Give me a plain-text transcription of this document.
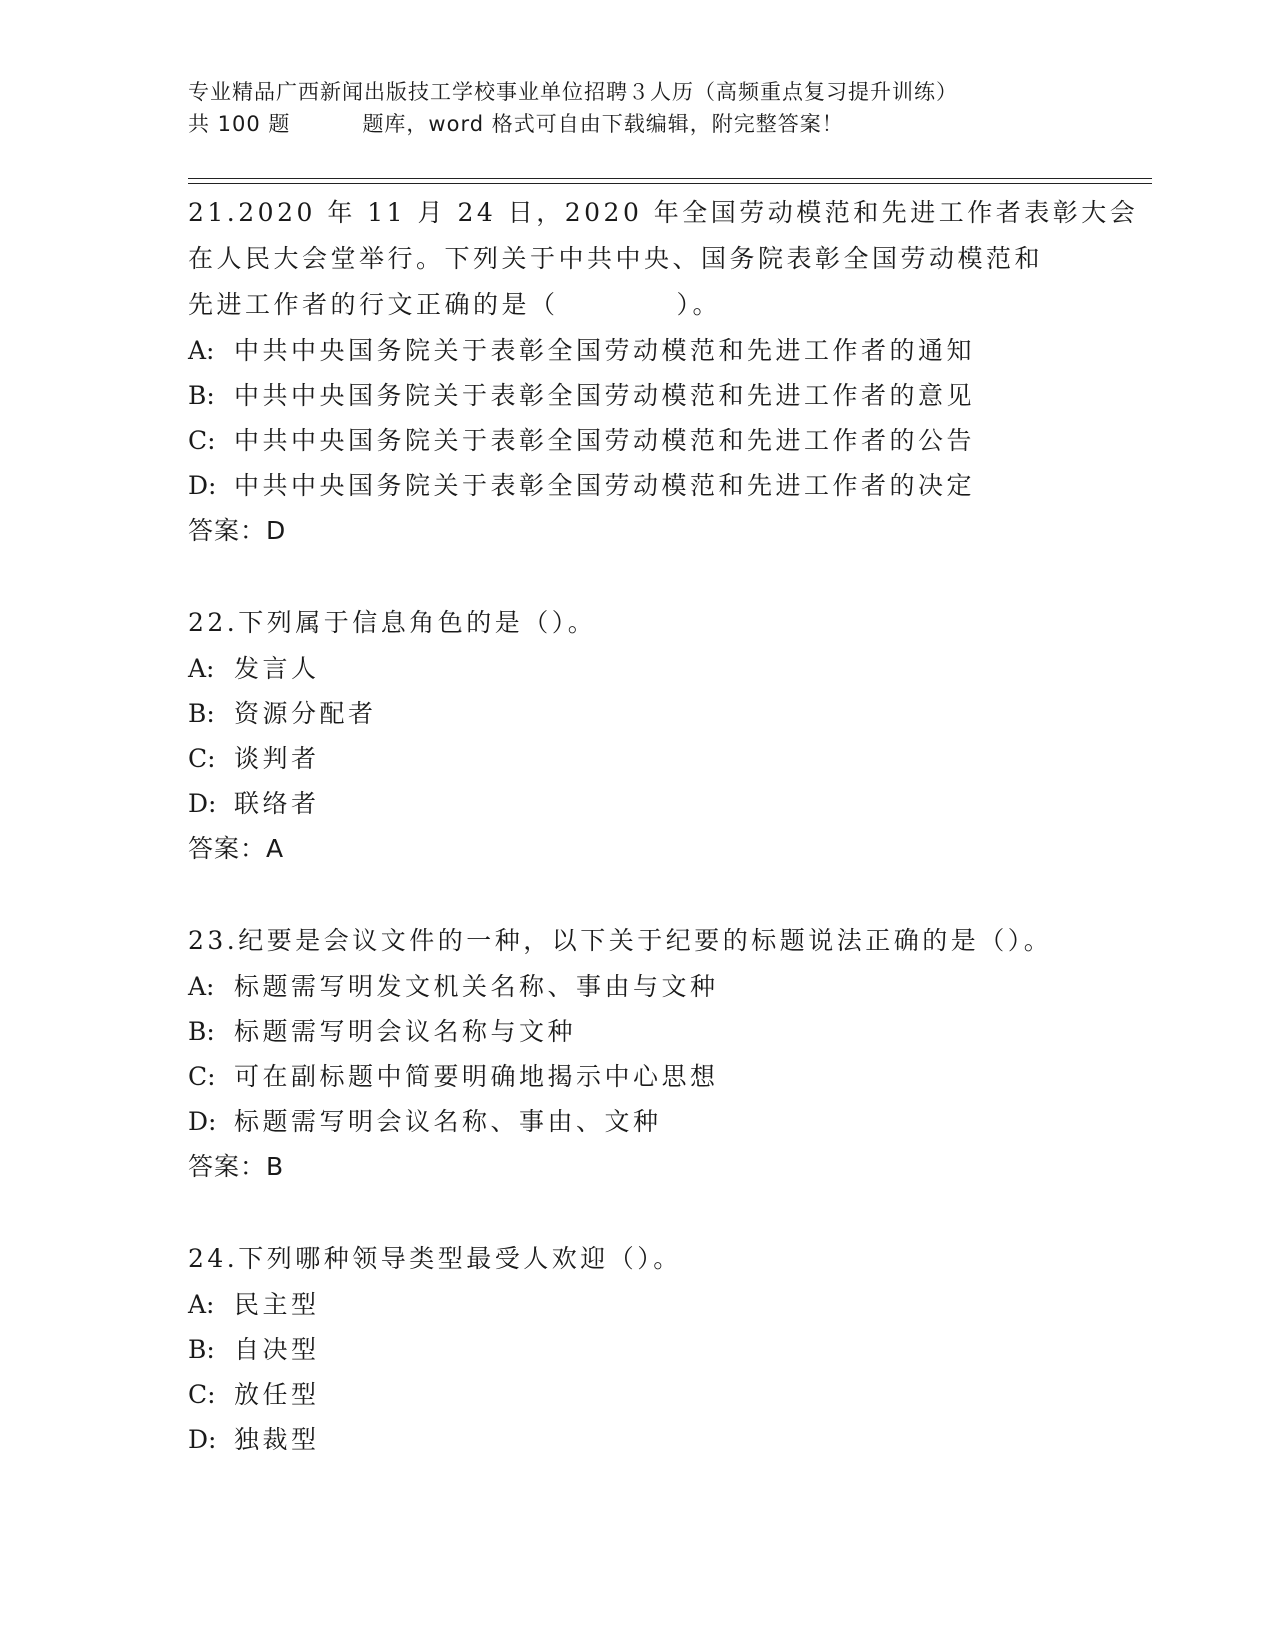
专业精品广西新闻出版技工学校事业单位招聘３人历（高频重点复习提升训练）
共 100 题	题库，word 格式可自由下载编辑，附完整答案！
21.2020 年 11 月 24 日，2020 年全国劳动模范和先进工作者表彰大会
在人民大会堂举行。下列关于中共中央、国务院表彰全国劳动模范和
先进工作者的行文正确的是（	）。
A: 中共中央国务院关于表彰全国劳动模范和先进工作者的通知
B: 中共中央国务院关于表彰全国劳动模范和先进工作者的意见
C: 中共中央国务院关于表彰全国劳动模范和先进工作者的公告
D: 中共中央国务院关于表彰全国劳动模范和先进工作者的决定
答案：D
22.下列属于信息角色的是（）。
A: 发言人
B: 资源分配者
C: 谈判者
D: 联络者
答案：A
23.纪要是会议文件的一种，以下关于纪要的标题说法正确的是（）。
A: 标题需写明发文机关名称、事由与文种
B: 标题需写明会议名称与文种
C: 可在副标题中简要明确地揭示中心思想
D: 标题需写明会议名称、事由、文种
答案：B
24.下列哪种领导类型最受人欢迎（）。
A: 民主型
B: 自决型
C: 放任型
D: 独裁型
